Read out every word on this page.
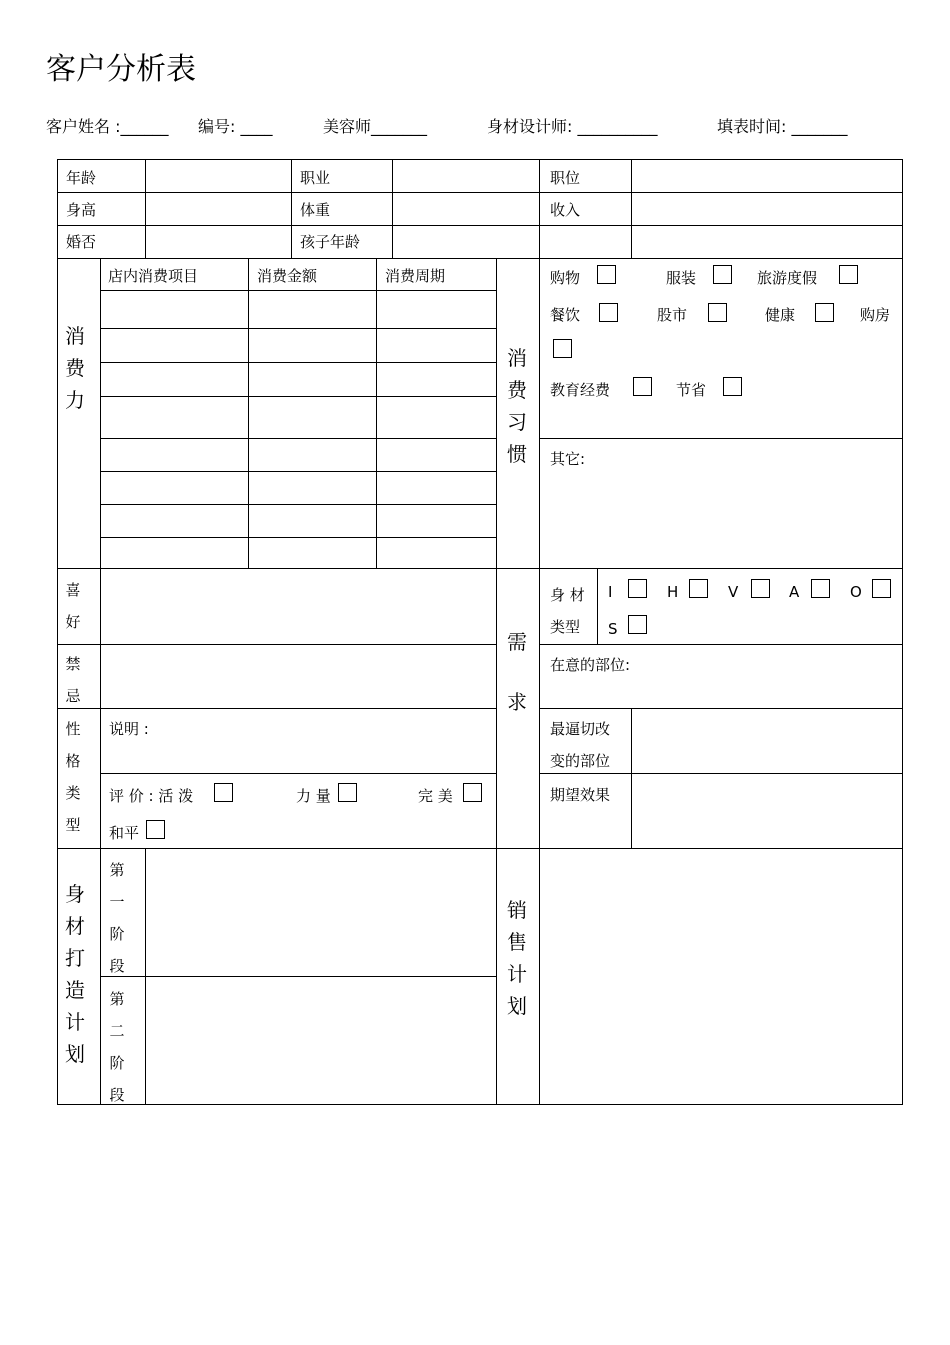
客户分析表
客户姓名 :______ 编号: ____	美容师_______	身材设计师: __________	填表时间: _______
年龄	职业	职位
身高	体重	收入
婚否	孩子年龄
消费力
店内消费项目	消费金额	消费周期
消费习惯
购物	服装	旅游度假
餐饮	股市	健康	购房
教育经费	节省
其它:
喜好
禁忌
性格类型
说明 :
评 价 : 活 泼	力 量	完 美
和平
需求
身 材 类型
I	H	V	A	O
S
在意的部位:
最逼切改变的部位
期望效果
身材打造计划
第一阶段
第二阶段
销售计划
